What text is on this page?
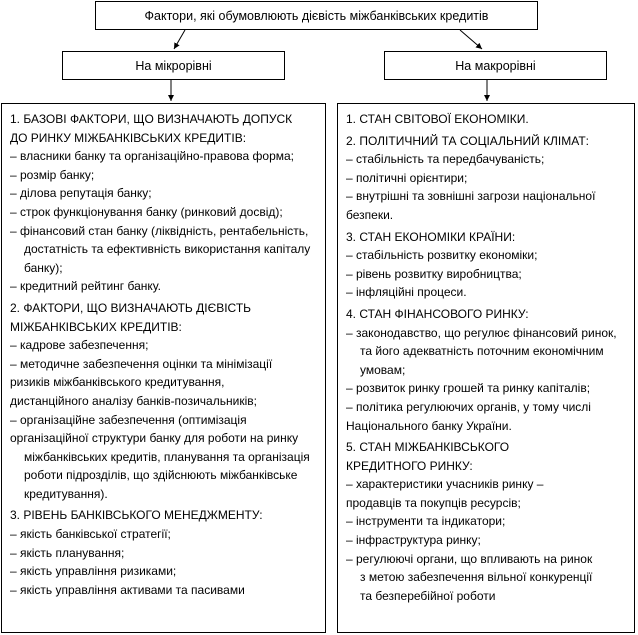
Фактори, які обумовлюють дієвість міжбанківських кредитів
На мікрорівні	На макрорівні
1. БАЗОВІ ФАКТОРИ, ЩО ВИЗНАЧАЮТЬ ДОПУСК
ДО РИНКУ МІЖБАНКІВСЬКИХ КРЕДИТІВ:
– власники банку та організаційно-правова форма;
– розмір банку;
– ділова репутація банку;
– строк функціонування банку (ринковий досвід);
– фінансовий стан банку (ліквідність, рентабельність,
достатність та ефективність використання капіталу
банку);
– кредитний рейтинг банку.
2. ФАКТОРИ, ЩО ВИЗНАЧАЮТЬ ДІЄВІСТЬ
МІЖБАНКІВСЬКИХ КРЕДИТІВ:
– кадрове забезпечення;
– методичне забезпечення оцінки та мінімізації
ризиків міжбанківського кредитування,
дистанційного аналізу банків-позичальників;
– організаційне забезпечення (оптимізація
організаційної структури банку для роботи на ринку
міжбанківських кредитів, планування та організація
роботи підрозділів, що здійснюють міжбанківське
кредитування).
3. РІВЕНЬ БАНКІВСЬКОГО МЕНЕДЖМЕНТУ:
– якість банківської стратегії;
– якість планування;
– якість управління ризиками;
– якість управління активами та пасивами
1. СТАН СВІТОВОЇ ЕКОНОМІКИ.
2. ПОЛІТИЧНИЙ ТА СОЦІАЛЬНИЙ КЛІМАТ:
– стабільність та передбачуваність;
– політичні орієнтири;
– внутрішні та зовнішні загрози національної
безпеки.
3. СТАН ЕКОНОМІКИ КРАЇНИ:
– стабільність розвитку економіки;
– рівень розвитку виробництва;
– інфляційні процеси.
4. СТАН ФІНАНСОВОГО РИНКУ:
– законодавство, що регулює фінансовий ринок,
та його адекватність поточним економічним
умовам;
– розвиток ринку грошей та ринку капіталів;
– політика регулюючих органів, у тому числі
Національного банку України.
5. СТАН МІЖБАНКІВСЬКОГО
КРЕДИТНОГО РИНКУ:
– характеристики учасників ринку –
продавців та покупців ресурсів;
– інструменти та індикатори;
– інфраструктура ринку;
– регулюючі органи, що впливають на ринок
з метою забезпечення вільної конкуренції
та безперебійної роботи
